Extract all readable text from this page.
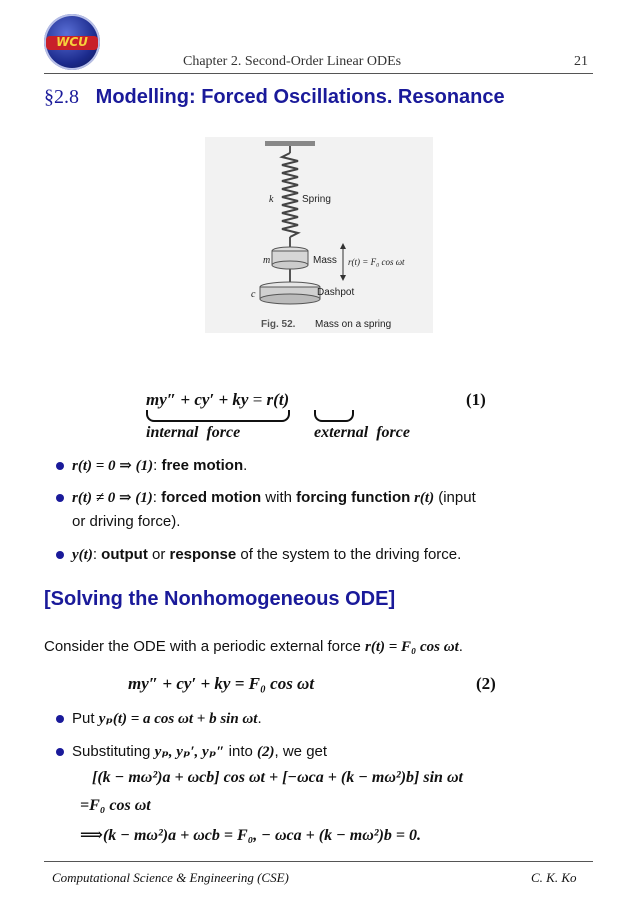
WCU
Chapter 2. Second-Order Linear ODEs	21
§2.8 Modelling: Forced Oscillations. Resonance
k	Spring
m	Mass r(t) = F₀ cos ωt
c	Dashpot
Fig. 52. Mass on a spring
my″ + cy′ + ky = r(t)	(1)
internal  force	external  force
r(t) = 0 ⇒ (1): free motion.
r(t) ≠ 0 ⇒ (1): forced motion with forcing function r(t) (input
or driving force).
y(t): output or response of the system to the driving force.
[Solving the Nonhomogeneous ODE]
Consider the ODE with a periodic external force r(t) = F₀ cos ωt.
my″ + cy′ + ky = F₀ cos ωt	(2)
Put yₚ(t) = a cos ωt + b sin ωt.
Substituting yₚ, yₚ′, yₚ″ into (2), we get
[(k − mω²)a + ωcb] cos ωt + [−ωca + (k − mω²)b] sin ωt
=F₀ cos ωt
⟹(k − mω²)a + ωcb = F₀, − ωca + (k − mω²)b = 0.
Computational Science & Engineering (CSE)	C. K. Ko
